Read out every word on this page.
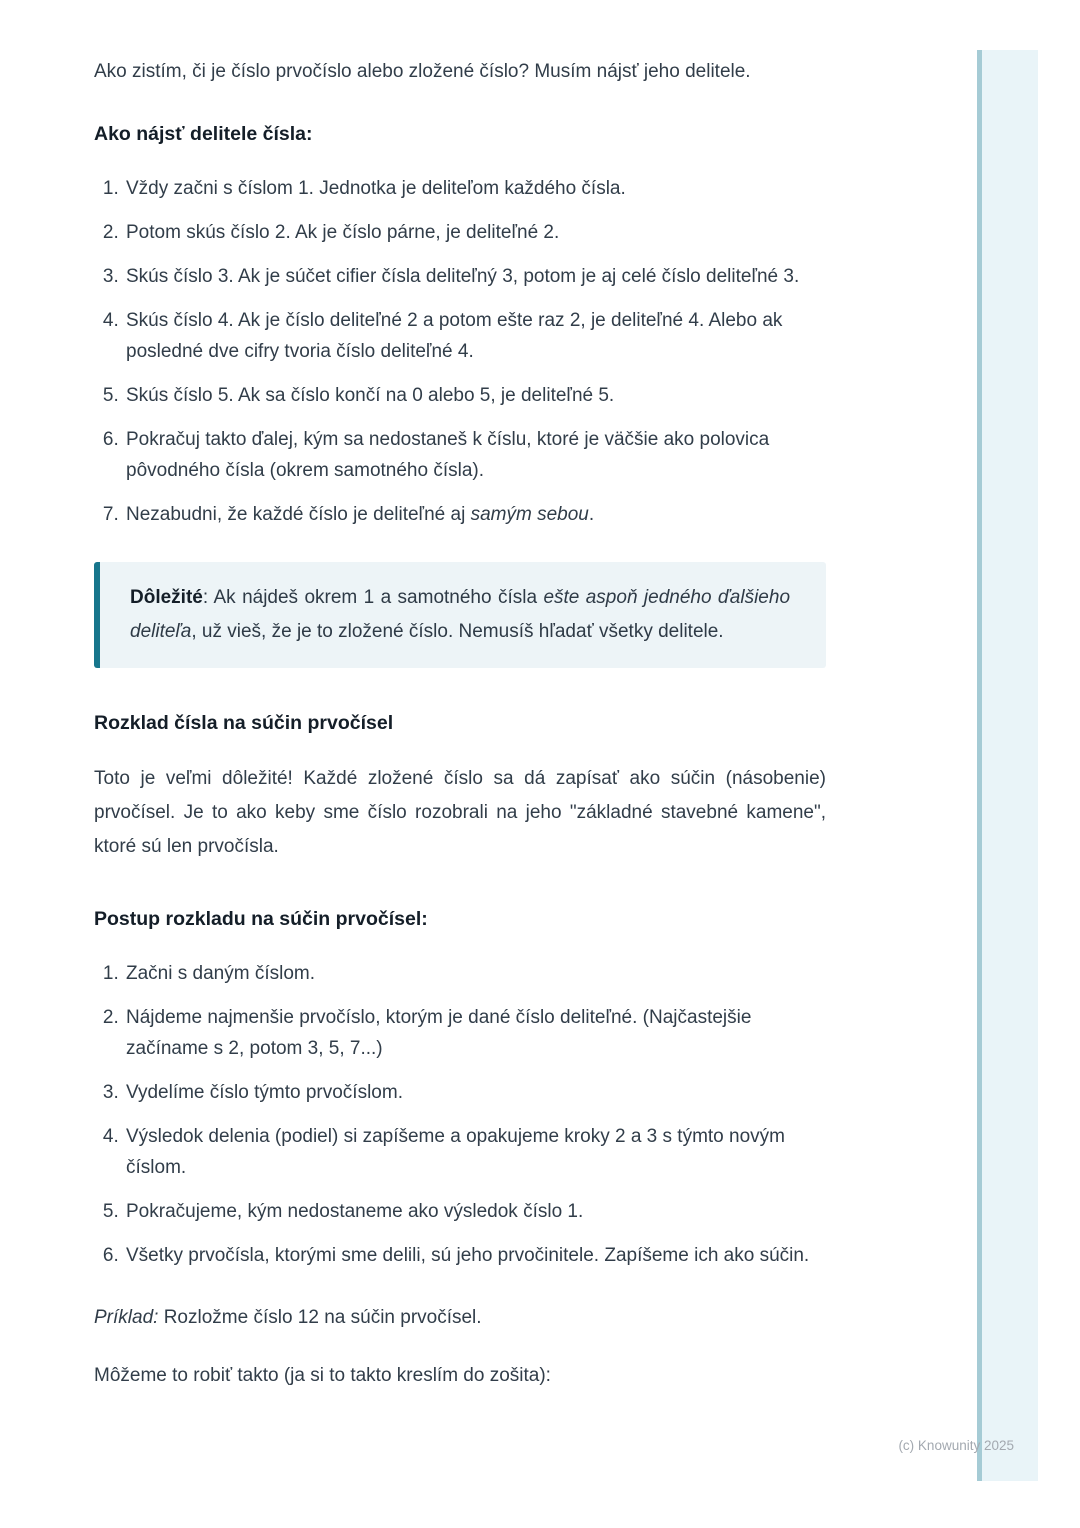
Ako zistím, či je číslo prvočíslo alebo zložené číslo? Musím nájsť jeho delitele.

Ako nájsť delitele čísla:
1. Vždy začni s číslom 1. Jednotka je deliteľom každého čísla.
2. Potom skús číslo 2. Ak je číslo párne, je deliteľné 2.
3. Skús číslo 3. Ak je súčet cifier čísla deliteľný 3, potom je aj celé číslo deliteľné 3.
4. Skús číslo 4. Ak je číslo deliteľné 2 a potom ešte raz 2, je deliteľné 4. Alebo ak posledné dve cifry tvoria číslo deliteľné 4.
5. Skús číslo 5. Ak sa číslo končí na 0 alebo 5, je deliteľné 5.
6. Pokračuj takto ďalej, kým sa nedostaneš k číslu, ktoré je väčšie ako polovica pôvodného čísla (okrem samotného čísla).
7. Nezabudni, že každé číslo je deliteľné aj samým sebou.

Dôležité: Ak nájdeš okrem 1 a samotného čísla ešte aspoň jedného ďalšieho deliteľa, už vieš, že je to zložené číslo. Nemusíš hľadať všetky delitele.

Rozklad čísla na súčin prvočísel

Toto je veľmi dôležité! Každé zložené číslo sa dá zapísať ako súčin (násobenie) prvočísel. Je to ako keby sme číslo rozobrali na jeho "základné stavebné kamene", ktoré sú len prvočísla.

Postup rozkladu na súčin prvočísel:
1. Začni s daným číslom.
2. Nájdeme najmenšie prvočíslo, ktorým je dané číslo deliteľné. (Najčastejšie začíname s 2, potom 3, 5, 7...)
3. Vydelíme číslo týmto prvočíslom.
4. Výsledok delenia (podiel) si zapíšeme a opakujeme kroky 2 a 3 s týmto novým číslom.
5. Pokračujeme, kým nedostaneme ako výsledok číslo 1.
6. Všetky prvočísla, ktorými sme delili, sú jeho prvočinitele. Zapíšeme ich ako súčin.

Príklad: Rozložme číslo 12 na súčin prvočísel.

Môžeme to robiť takto (ja si to takto kreslím do zošita):

(c) Knowunity 2025
